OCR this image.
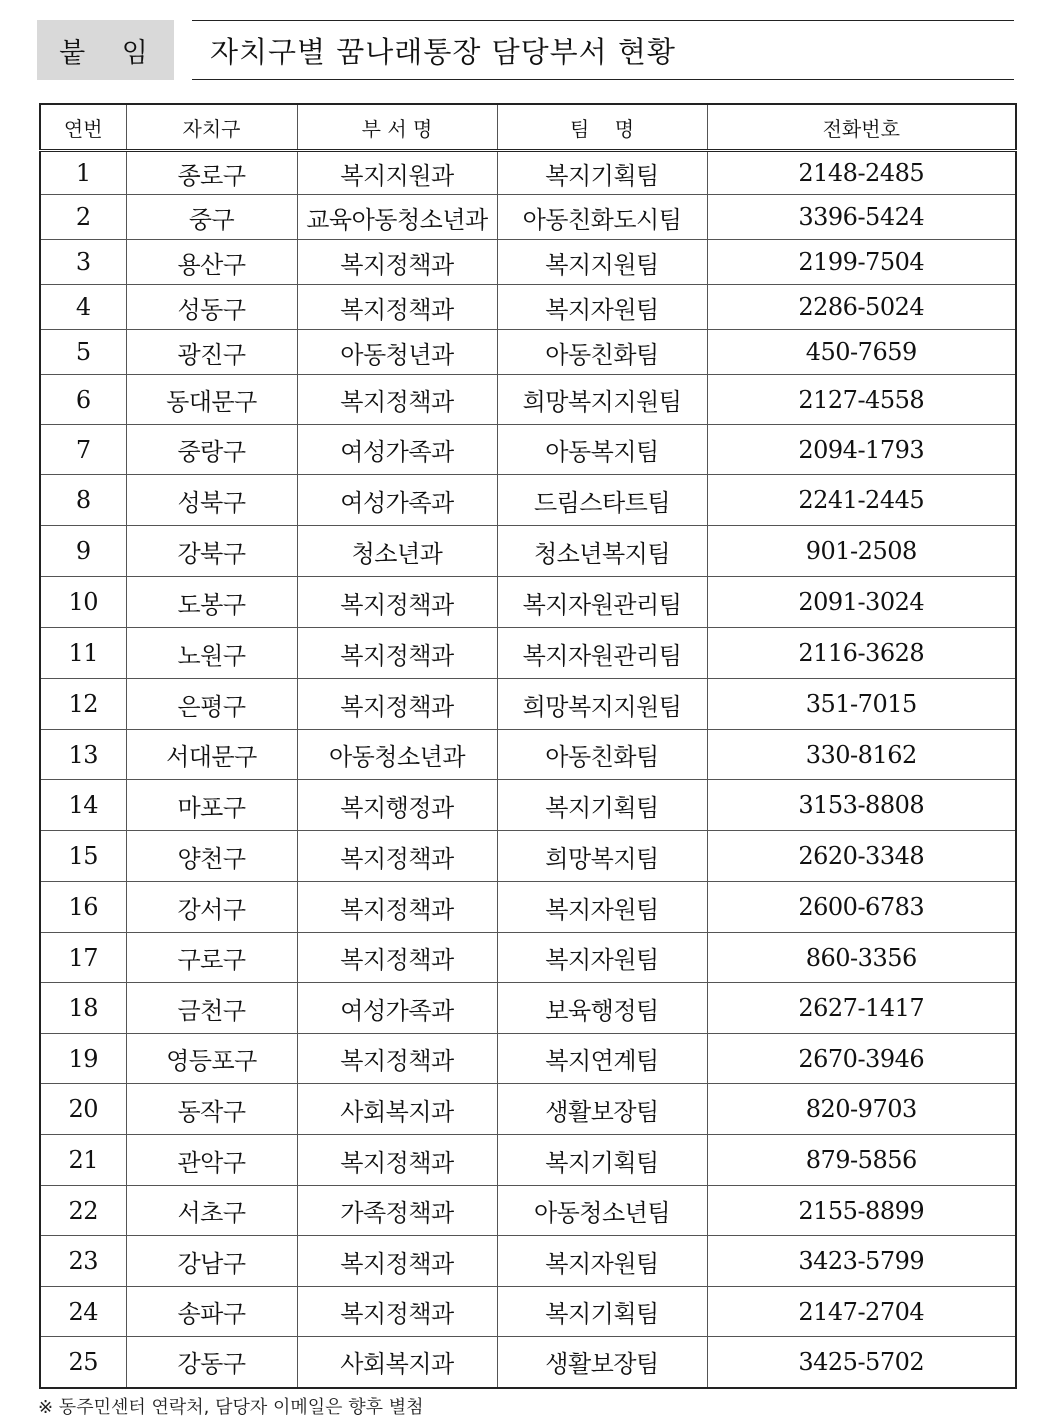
붙 임	자치구별 꿈나래통장 담당부서 현황
연번	자치구	부 서 명	팀    명	전화번호
1	종로구	복지지원과	복지기획팀	2148-2485
2	중구	교육아동청소년과	아동친화도시팀	3396-5424
3	용산구	복지정책과	복지지원팀	2199-7504
4	성동구	복지정책과	복지자원팀	2286-5024
5	광진구	아동청년과	아동친화팀	450-7659
6	동대문구	복지정책과	희망복지지원팀	2127-4558
7	중랑구	여성가족과	아동복지팀	2094-1793
8	성북구	여성가족과	드림스타트팀	2241-2445
9	강북구	청소년과	청소년복지팀	901-2508
10	도봉구	복지정책과	복지자원관리팀	2091-3024
11	노원구	복지정책과	복지자원관리팀	2116-3628
12	은평구	복지정책과	희망복지지원팀	351-7015
13	서대문구	아동청소년과	아동친화팀	330-8162
14	마포구	복지행정과	복지기획팀	3153-8808
15	양천구	복지정책과	희망복지팀	2620-3348
16	강서구	복지정책과	복지자원팀	2600-6783
17	구로구	복지정책과	복지자원팀	860-3356
18	금천구	여성가족과	보육행정팀	2627-1417
19	영등포구	복지정책과	복지연계팀	2670-3946
20	동작구	사회복지과	생활보장팀	820-9703
21	관악구	복지정책과	복지기획팀	879-5856
22	서초구	가족정책과	아동청소년팀	2155-8899
23	강남구	복지정책과	복지자원팀	3423-5799
24	송파구	복지정책과	복지기획팀	2147-2704
25	강동구	사회복지과	생활보장팀	3425-5702
※ 동주민센터 연락처, 담당자 이메일은 향후 별첨
